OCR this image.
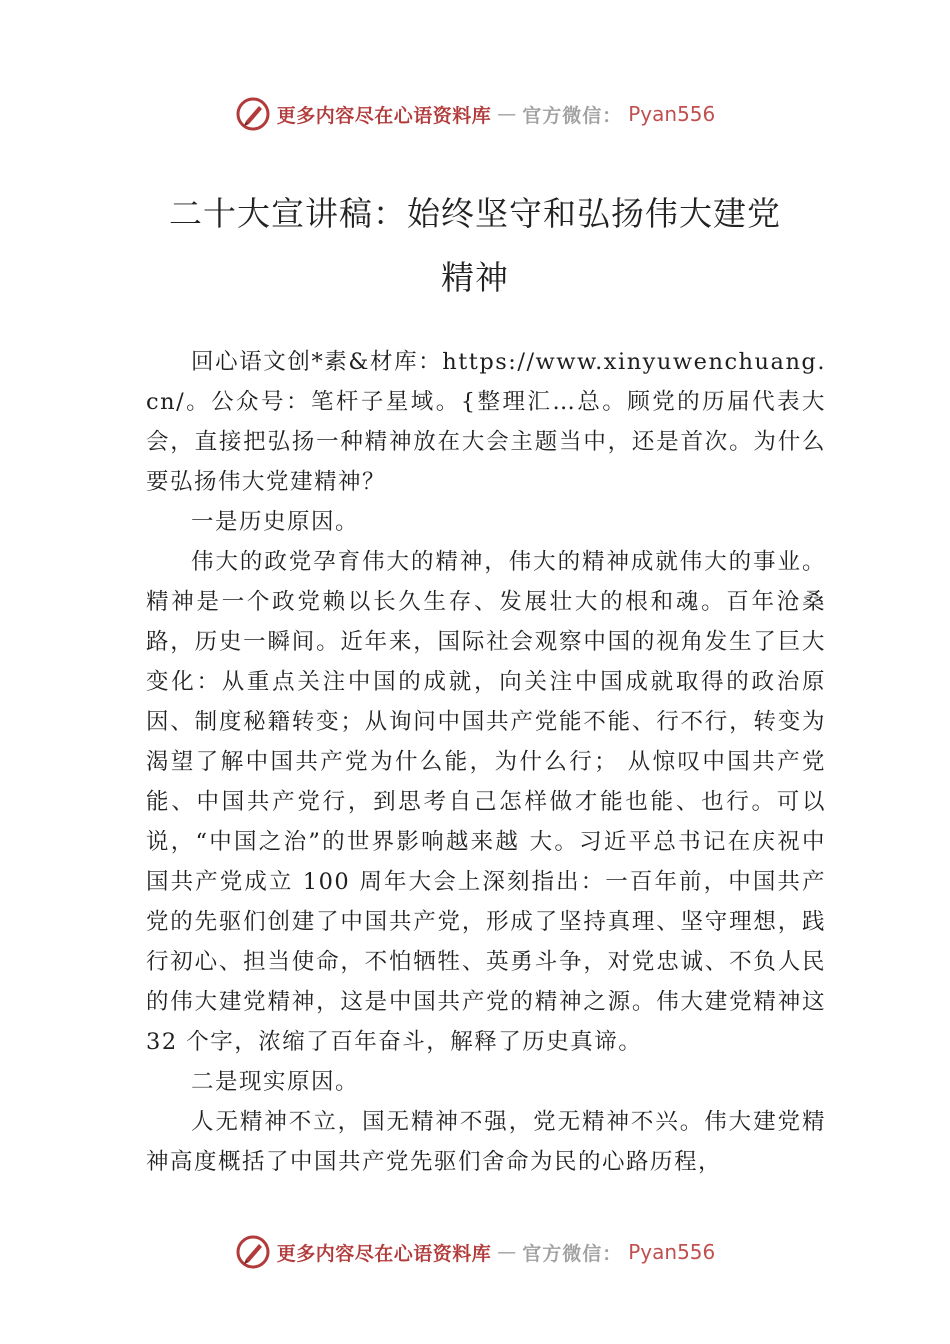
更多内容尽在心语资料库 — 官方微信： Pyan556
二十大宣讲稿：始终坚守和弘扬伟大建党
精神

回心语文创*素&材库：https://www.xinyuwenchuang.cn/。公众号：笔杆子星域。{整理汇…总。顾党的历届代表大会，直接把弘扬一种精神放在大会主题当中，还是首次。为什么要弘扬伟大党建精神？

一是历史原因。

伟大的政党孕育伟大的精神，伟大的精神成就伟大的事业。精神是一个政党赖以长久生存、发展壮大的根和魂。百年沧桑路，历史一瞬间。近年来，国际社会观察中国的视角发生了巨大变化：从重点关注中国的成就，向关注中国成就取得的政治原因、制度秘籍转变；从询问中国共产党能不能、行不行，转变为渴望了解中国共产党为什么能，为什么行； 从惊叹中国共产党能、中国共产党行，到思考自己怎样做才能也能、也行。可以说，“中国之治”的世界影响越来越 大。习近平总书记在庆祝中国共产党成立 100 周年大会上深刻指出：一百年前，中国共产党的先驱们创建了中国共产党，形成了坚持真理、坚守理想，践行初心、担当使命，不怕牺牲、英勇斗争，对党忠诚、不负人民的伟大建党精神，这是中国共产党的精神之源。伟大建党精神这 32 个字，浓缩了百年奋斗，解释了历史真谛。

二是现实原因。

人无精神不立，国无精神不强，党无精神不兴。伟大建党精神高度概括了中国共产党先驱们舍命为民的心路历程，

更多内容尽在心语资料库 — 官方微信： Pyan556
